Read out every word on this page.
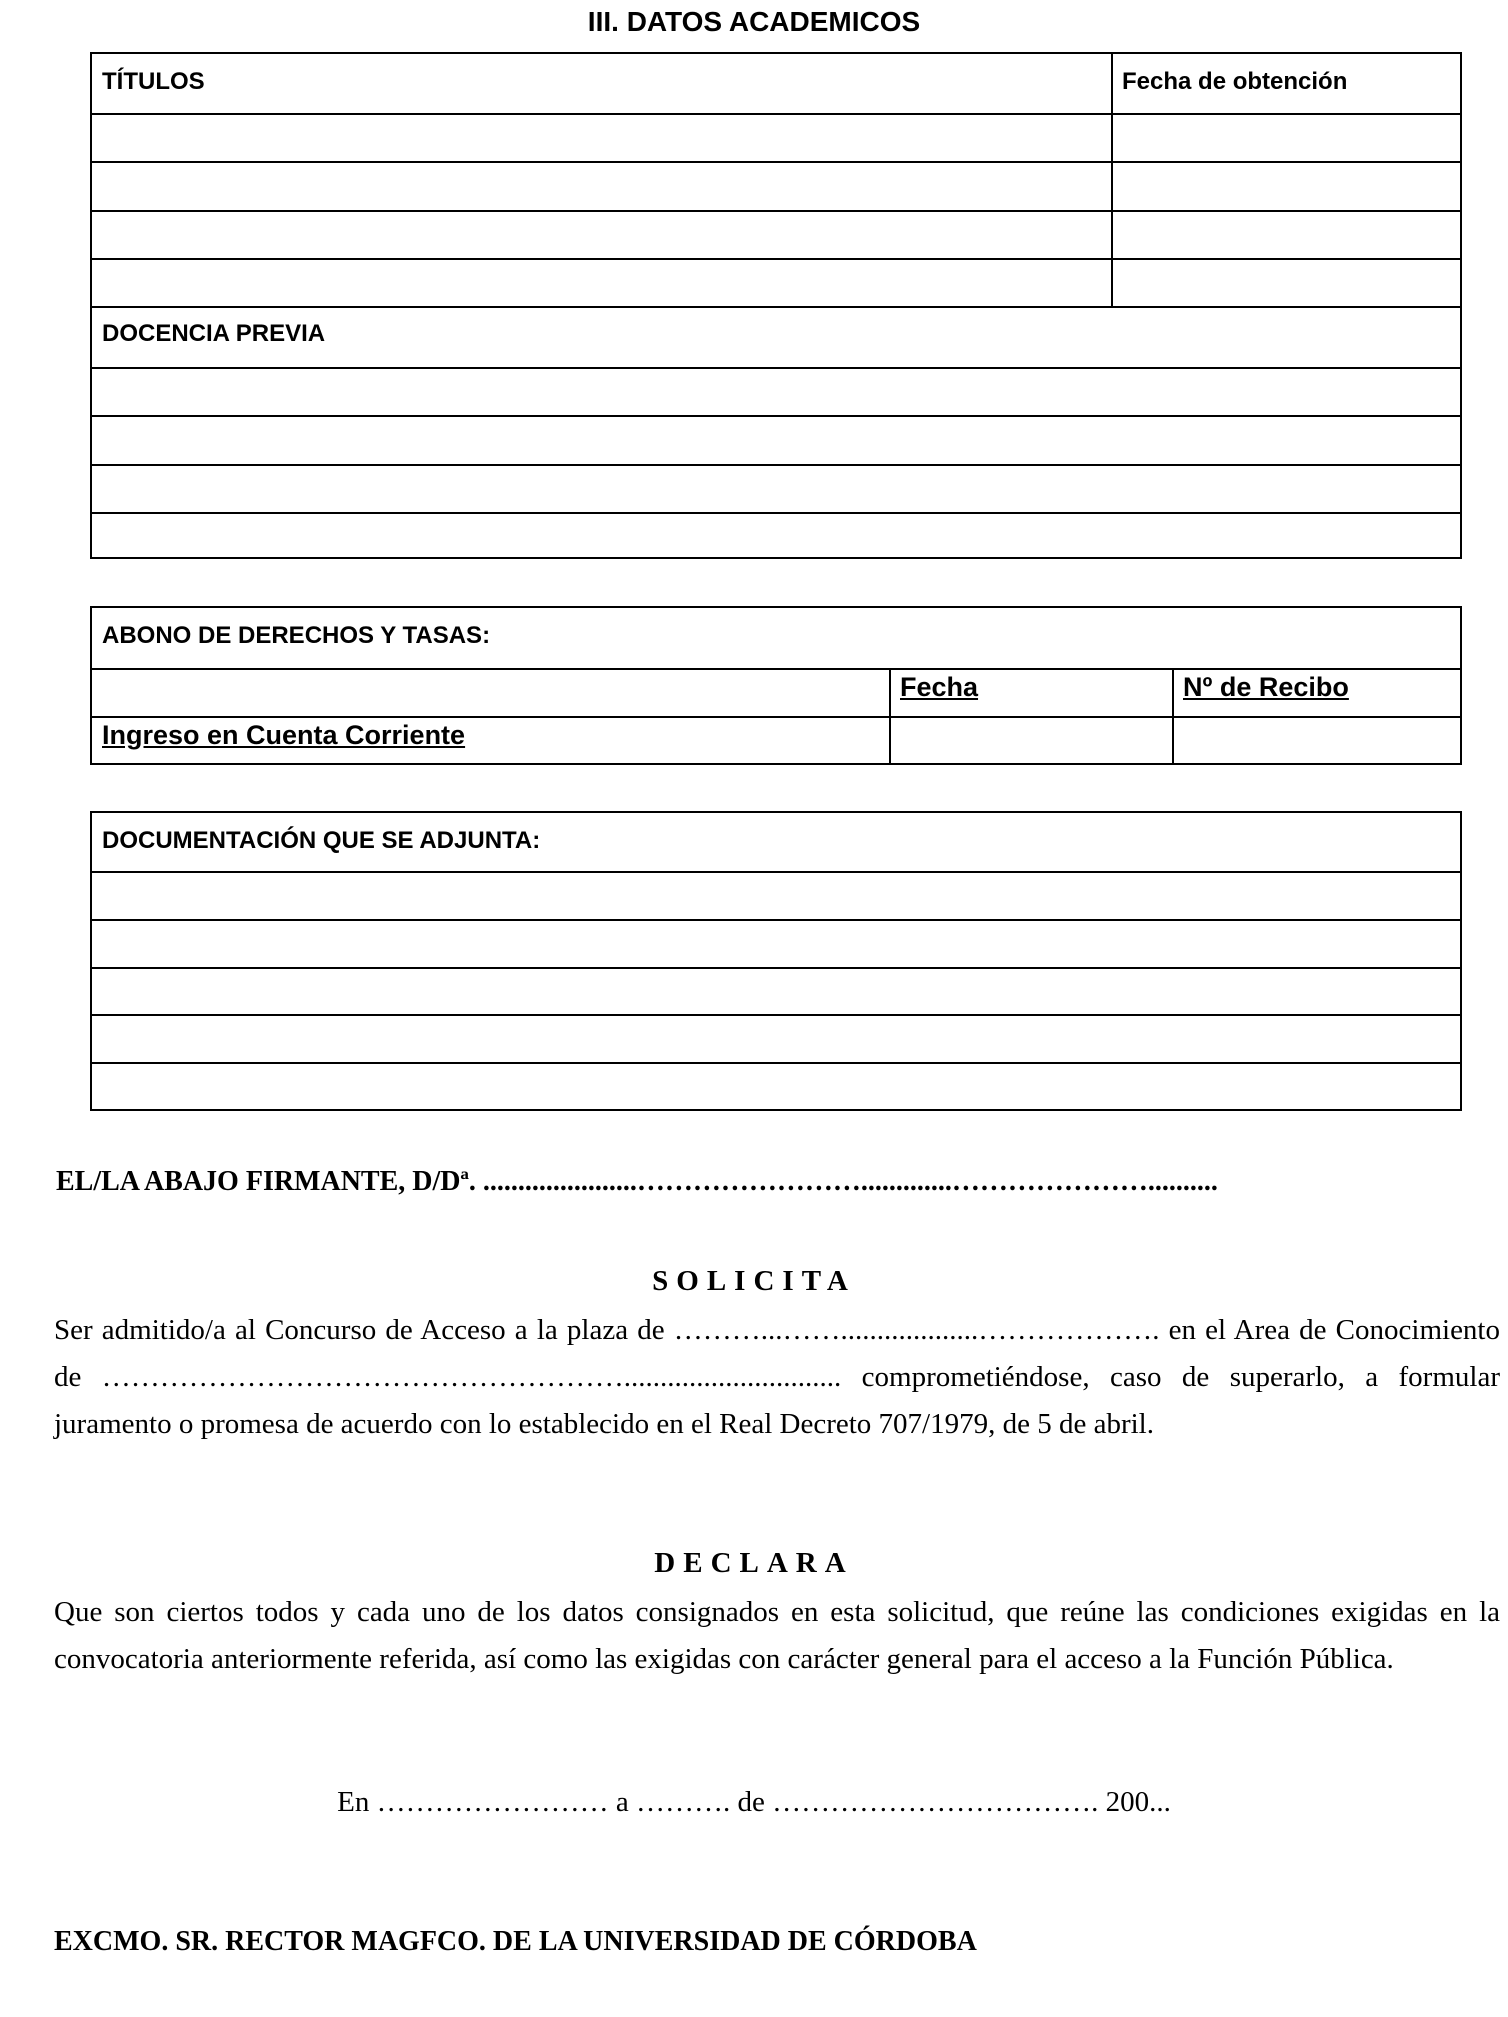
III. DATOS ACADEMICOS
TÍTULOS	Fecha de obtención
DOCENCIA PREVIA
ABONO DE DERECHOS Y TASAS:
Fecha	Nº de Recibo
Ingreso en Cuenta Corriente
DOCUMENTACIÓN QUE SE ADJUNTA:
EL/LA ABAJO FIRMANTE, D/Dª. ......................…………………….............…………………..........
SOLICITA
Ser admitido/a al Concurso de Acceso a la plaza de ………...……...................………………. en el Area de Conocimiento de ……………………………………………….............................. comprometiéndose, caso de superarlo, a formular juramento o promesa de acuerdo con lo establecido en el Real Decreto 707/1979, de 5 de abril.
DECLARA
Que son ciertos todos y cada uno de los datos consignados en esta solicitud, que reúne las condiciones exigidas en la convocatoria anteriormente referida, así como las exigidas con carácter general para el acceso a la Función Pública.
En …………………… a ………. de ……………………………. 200...
EXCMO. SR. RECTOR MAGFCO. DE LA UNIVERSIDAD DE CÓRDOBA
